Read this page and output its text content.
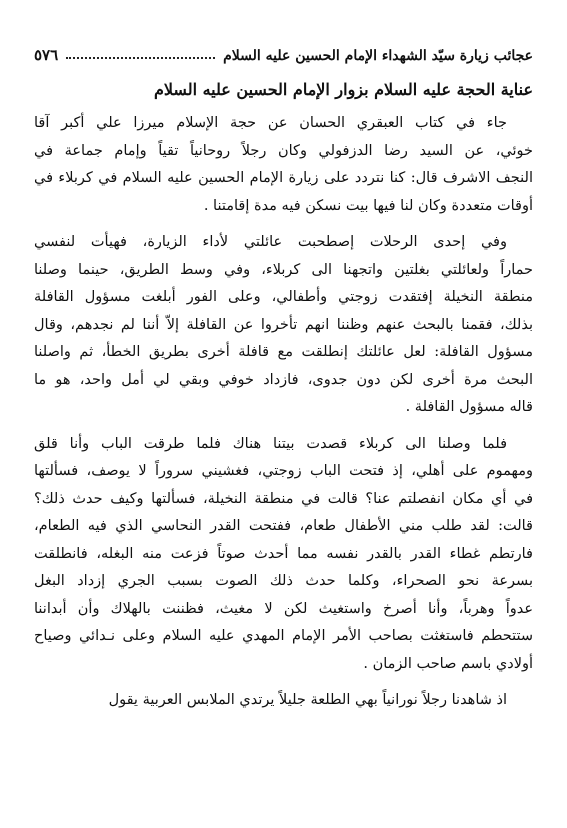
عجائب زيارة سيّد الشهداء الإمام الحسين عليه السلام
٥٧٦
عناية الحجة عليه السلام بزوار الإمام الحسين عليه السلام
جاء في كتاب العبقري الحسان عن حجة الإسلام ميرزا علي أكبر آقا
خوئي، عن السيد رضا الدزفولي وكان رجلاً روحانياً تقياً وإمام جماعة في
النجف الاشرف قال: كنا نتردد على زيارة الإمام الحسين عليه السلام في كربلاء في
أوقات متعددة وكان لنا فيها بيت نسكن فيه مدة إقامتنا .
وفي إحدى الرحلات إصطحبت عائلتي لأداء الزيارة، فهيأت لنفسي
حماراً ولعائلتي بغلتين واتجهنا الى كربلاء، وفي وسط الطريق، حينما وصلنا
منطقة النخيلة إفتقدت زوجتي وأطفالي، وعلى الفور أبلغت مسؤول القافلة
بذلك، فقمنا بالبحث عنهم وظننا انهم تأخروا عن القافلة إلاّ أننا لم نجدهم، وقال
مسؤول القافلة: لعل عائلتك إنطلقت مع قافلة أخرى بطريق الخطأ، ثم واصلنا
البحث مرة أخرى لكن دون جدوى، فازداد خوفي وبقي لي أمل واحد، هو ما
قاله مسؤول القافلة .
فلما وصلنا الى كربلاء قصدت بيتنا هناك فلما طرقت الباب وأنا قلق
ومهموم على أهلي، إذ فتحت الباب زوجتي، فغشيني سروراً لا يوصف، فسألتها
في أي مكان انفصلتم عنا؟ قالت في منطقة النخيلة، فسألتها وكيف حدث ذلك؟
قالت: لقد طلب مني الأطفال طعام، ففتحت القدر النحاسي الذي فيه الطعام،
فارتطم غطاء القدر بالقدر نفسه مما أحدث صوتاً فزعت منه البغله، فانطلقت
بسرعة نحو الصحراء، وكلما حدث ذلك الصوت بسبب الجري إزداد البغل
عدواً وهرباً، وأنا أصرخ واستغيث لكن لا مغيث، فظننت بالهلاك وأن أبداننا
ستتحطم فاستغثت بصاحب الأمر الإمام المهدي عليه السلام وعلى نـدائي وصياح
أولادي باسم صاحب الزمان .
اذ شاهدنا رجلاً نورانياً بهي الطلعة جليلاً يرتدي الملابس العربية يقول
